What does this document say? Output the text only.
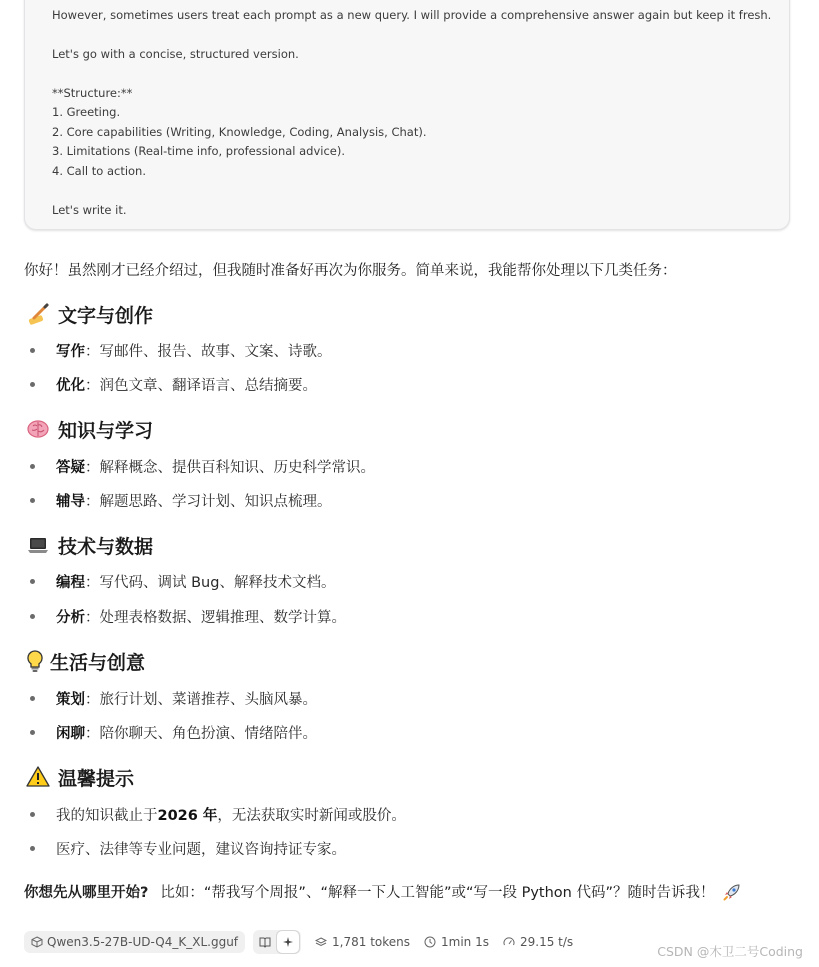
However, sometimes users treat each prompt as a new query. I will provide a comprehensive answer again but keep it fresh.
Let's go with a concise, structured version.
**Structure:**
1. Greeting.
2. Core capabilities (Writing, Knowledge, Coding, Analysis, Chat).
3. Limitations (Real-time info, professional advice).
4. Call to action.
Let's write it.
你好！虽然刚才已经介绍过，但我随时准备好再次为你服务。简单来说，我能帮你处理以下几类任务：
文字与创作
写作 ：写邮件、报告、故事、文案、诗歌。
优化 ：润色文章、翻译语言、总结摘要。
知识与学习
答疑 ：解释概念、提供百科知识、历史科学常识。
辅导 ：解题思路、学习计划、知识点梳理。
技术与数据
编程 ：写代码、调试 Bug、解释技术文档。
分析 ：处理表格数据、逻辑推理、数学计算。
生活与创意
策划 ：旅行计划、菜谱推荐、头脑风暴。
闲聊 ：陪你聊天、角色扮演、情绪陪伴。
温馨提示
我的知识截止于 2026 年 ，无法获取实时新闻或股价。
医疗、法律等专业问题，建议咨询持证专家。
你想先从哪里开始? 比如：“帮我写个周报”、“解释一下人工智能”或“写一段 Python 代码”？随时告诉我！
Qwen3.5-27B-UD-Q4_K_XL.gguf	1,781 tokens	1min 1s	29.15 t/s
CSDN @木卫二号Coding
